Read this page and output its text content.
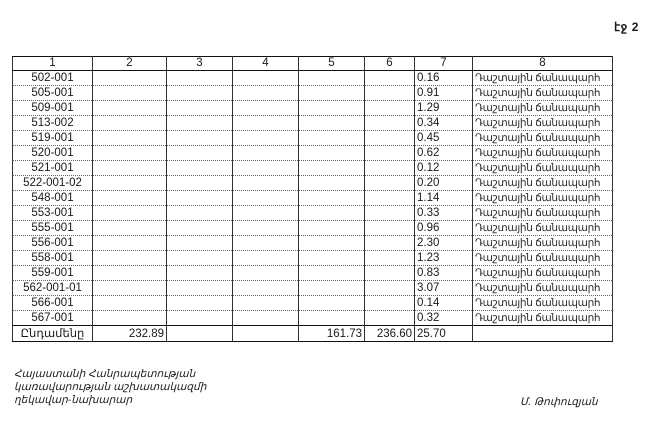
էջ 2
1	2	3	4	5	6	7	8
502-001						0.16	Դաշտային ճանապարհ
505-001						0.91	Դաշտային ճանապարհ
509-001						1.29	Դաշտային ճանապարհ
513-002						0.34	Դաշտային ճանապարհ
519-001						0.45	Դաշտային ճանապարհ
520-001						0.62	Դաշտային ճանապարհ
521-001						0.12	Դաշտային ճանապարհ
522-001-02						0.20	Դաշտային ճանապարհ
548-001						1.14	Դաշտային ճանապարհ
553-001						0.33	Դաշտային ճանապարհ
555-001						0.96	Դաշտային ճանապարհ
556-001						2.30	Դաշտային ճանապարհ
558-001						1.23	Դաշտային ճանապարհ
559-001						0.83	Դաշտային ճանապարհ
562-001-01						3.07	Դաշտային ճանապարհ
566-001						0.14	Դաշտային ճանապարհ
567-001						0.32	Դաշտային ճանապարհ
Ընդամենը	232.89			161.73	236.60	25.70	
Հայաստանի Հանրապետության
կառավարության աշխատակազմի
ղեկավար-նախարար	Մ. Թոփուզյան
